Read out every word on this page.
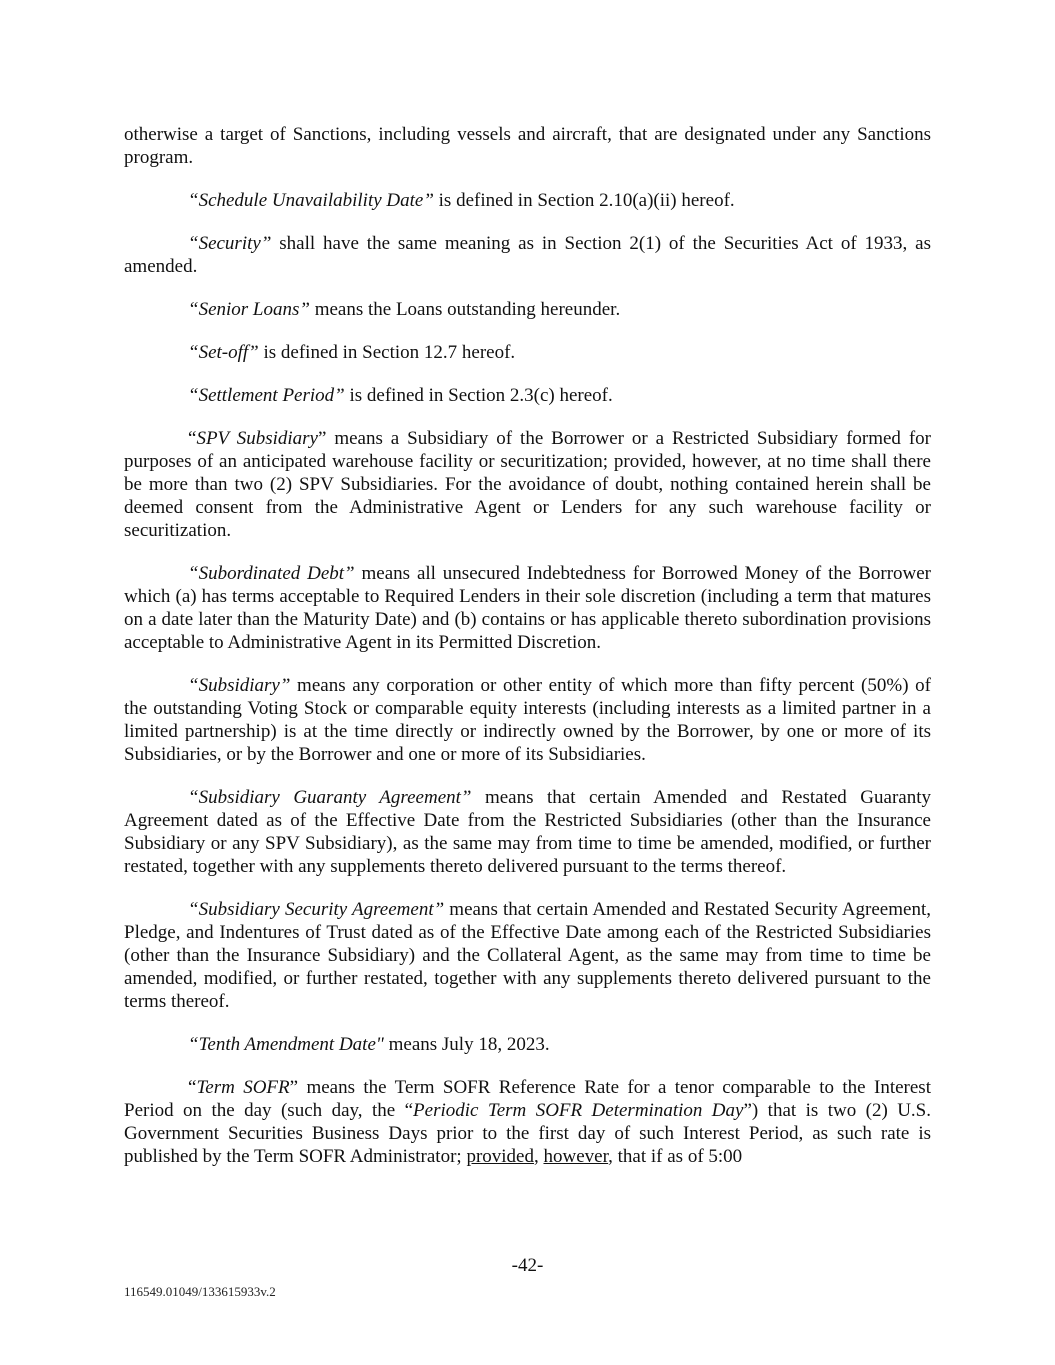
otherwise a target of Sanctions, including vessels and aircraft, that are designated under any Sanctions program.

“Schedule Unavailability Date” is defined in Section 2.10(a)(ii) hereof.

“Security” shall have the same meaning as in Section 2(1) of the Securities Act of 1933, as amended.

“Senior Loans” means the Loans outstanding hereunder.

“Set-off” is defined in Section 12.7 hereof.

“Settlement Period” is defined in Section 2.3(c) hereof.

“SPV Subsidiary” means a Subsidiary of the Borrower or a Restricted Subsidiary formed for purposes of an anticipated warehouse facility or securitization; provided, however, at no time shall there be more than two (2) SPV Subsidiaries. For the avoidance of doubt, nothing contained herein shall be deemed consent from the Administrative Agent or Lenders for any such warehouse facility or securitization.

“Subordinated Debt” means all unsecured Indebtedness for Borrowed Money of the Borrower which (a) has terms acceptable to Required Lenders in their sole discretion (including a term that matures on a date later than the Maturity Date) and (b) contains or has applicable thereto subordination provisions acceptable to Administrative Agent in its Permitted Discretion.

“Subsidiary” means any corporation or other entity of which more than fifty percent (50%) of the outstanding Voting Stock or comparable equity interests (including interests as a limited partner in a limited partnership) is at the time directly or indirectly owned by the Borrower, by one or more of its Subsidiaries, or by the Borrower and one or more of its Subsidiaries.

“Subsidiary Guaranty Agreement” means that certain Amended and Restated Guaranty Agreement dated as of the Effective Date from the Restricted Subsidiaries (other than the Insurance Subsidiary or any SPV Subsidiary), as the same may from time to time be amended, modified, or further restated, together with any supplements thereto delivered pursuant to the terms thereof.

“Subsidiary Security Agreement” means that certain Amended and Restated Security Agreement, Pledge, and Indentures of Trust dated as of the Effective Date among each of the Restricted Subsidiaries (other than the Insurance Subsidiary) and the Collateral Agent, as the same may from time to time be amended, modified, or further restated, together with any supplements thereto delivered pursuant to the terms thereof.

“Tenth Amendment Date" means July 18, 2023.

“Term SOFR” means the Term SOFR Reference Rate for a tenor comparable to the Interest Period on the day (such day, the “Periodic Term SOFR Determination Day”) that is two (2) U.S. Government Securities Business Days prior to the first day of such Interest Period, as such rate is published by the Term SOFR Administrator; provided, however, that if as of 5:00

-42-
116549.01049/133615933v.2
